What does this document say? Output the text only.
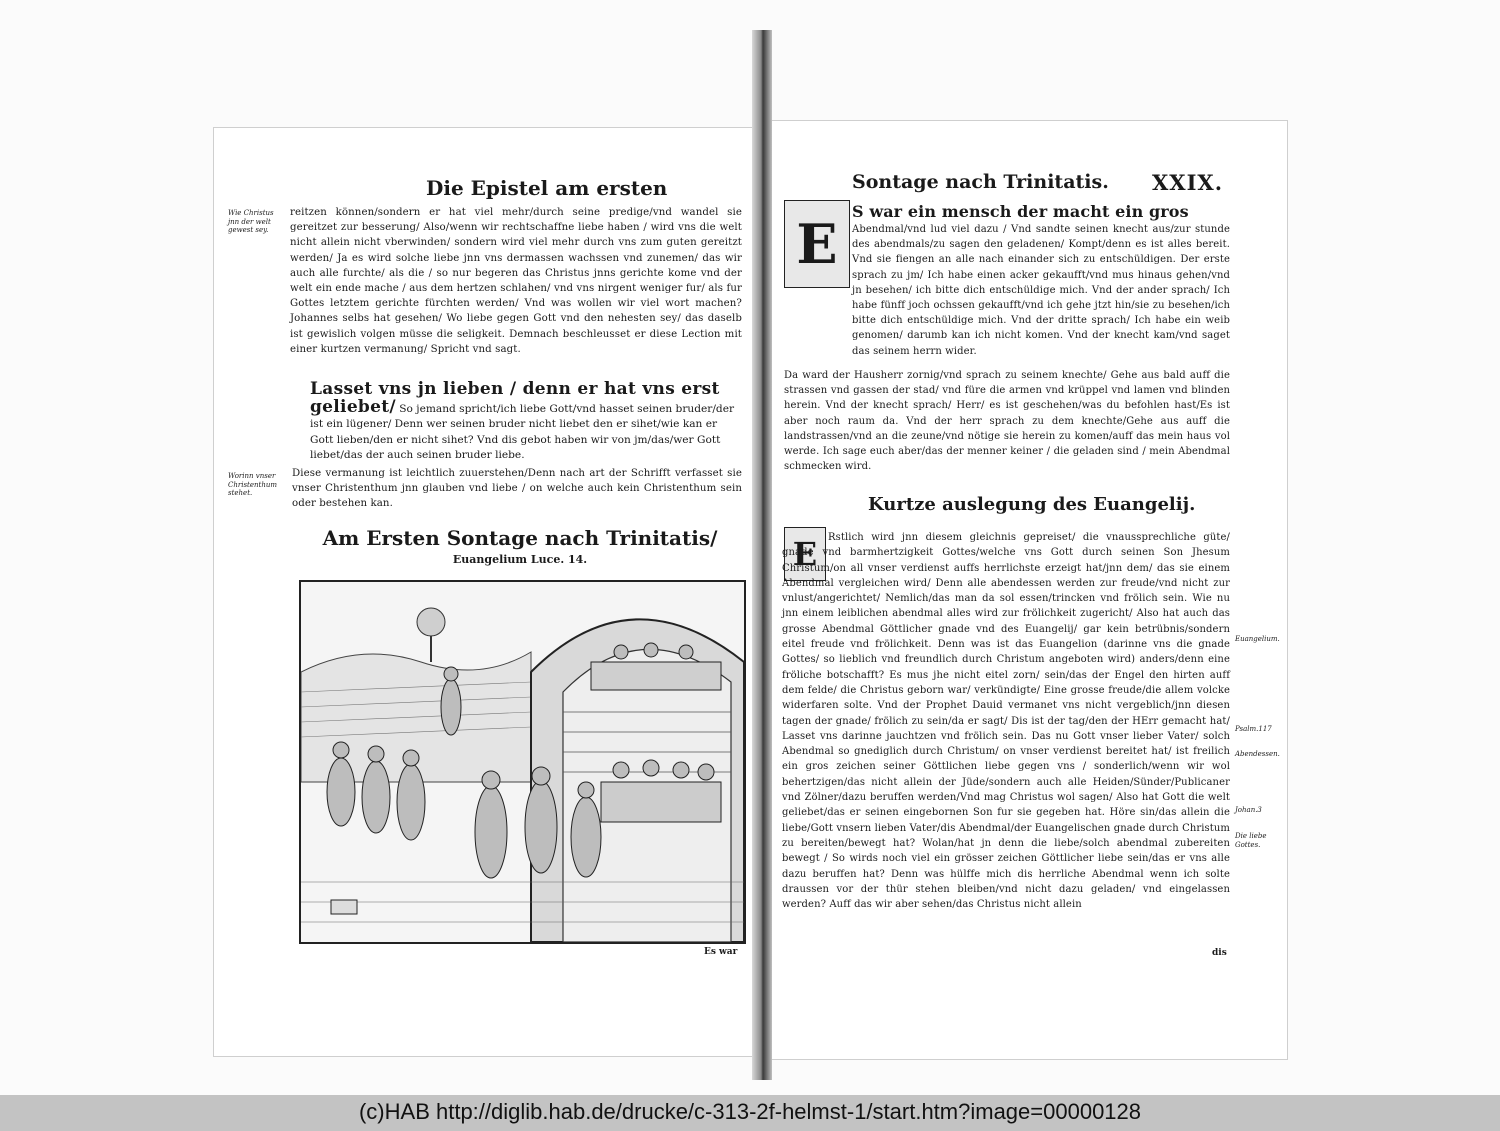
Die Epistel am ersten
Wie Christus jnn der welt gewest sey.
reitzen können/sondern er hat viel mehr/durch seine predige/vnd wandel sie gereitzet zur besserung/ Also/wenn wir rechtschaffne liebe haben / wird vns die welt nicht allein nicht vberwinden/ sondern wird viel mehr durch vns zum guten gereitzt werden/ Ja es wird solche liebe jnn vns dermassen wachssen vnd zunemen/ das wir auch alle furchte/ als die / so nur begeren das Christus jnns gerichte kome vnd der welt ein ende mache / aus dem hertzen schlahen/ vnd vns nirgent weniger fur/ als fur Gottes letztem gerichte fürchten werden/ Vnd was wollen wir viel wort machen? Johannes selbs hat gesehen/ Wo liebe gegen Gott vnd den nehesten sey/ das daselb ist gewislich volgen müsse die seligkeit. Demnach beschleusset er diese Lection mit einer kurtzen vermanung/ Spricht vnd sagt.
Lasset vns jn lieben / denn er hat vns erst geliebet/ So jemand spricht/ich liebe Gott/vnd hasset seinen bruder/der ist ein lügener/ Denn wer seinen bruder nicht liebet den er sihet/wie kan er Gott lieben/den er nicht sihet? Vnd dis gebot haben wir von jm/das/wer Gott liebet/das der auch seinen bruder liebe.
Worinn vnser Christenthum stehet.
Diese vermanung ist leichtlich zuuerstehen/Denn nach art der Schrifft verfasset sie vnser Christenthum jnn glauben vnd liebe / on welche auch kein Christenthum sein oder bestehen kan.
Am Ersten Sontage nach Trinitatis/
Euangelium Luce. 14.
Es war
Sontage nach Trinitatis. XXIX.
E
S war ein mensch der macht ein gros
Abendmal/vnd lud viel dazu / Vnd sandte seinen knecht aus/zur stunde des abendmals/zu sagen den geladenen/ Kompt/denn es ist alles bereit. Vnd sie fiengen an alle nach einander sich zu entschüldigen. Der erste sprach zu jm/ Ich habe einen acker gekaufft/vnd mus hinaus gehen/vnd jn besehen/ ich bitte dich entschüldige mich. Vnd der ander sprach/ Ich habe fünff joch ochssen gekaufft/vnd ich gehe jtzt hin/sie zu besehen/ich bitte dich entschüldige mich. Vnd der dritte sprach/ Ich habe ein weib genomen/ darumb kan ich nicht komen. Vnd der knecht kam/vnd saget das seinem herrn wider.
Da ward der Hausherr zornig/vnd sprach zu seinem knechte/ Gehe aus bald auff die strassen vnd gassen der stad/ vnd füre die armen vnd krüppel vnd lamen vnd blinden herein. Vnd der knecht sprach/ Herr/ es ist geschehen/was du befohlen hast/Es ist aber noch raum da. Vnd der herr sprach zu dem knechte/Gehe aus auff die landstrassen/vnd an die zeune/vnd nötige sie herein zu komen/auff das mein haus vol werde. Ich sage euch aber/das der menner keiner / die geladen sind / mein Abendmal schmecken wird.
Kurtze auslegung des Euangelij.
E	Rstlich wird jnn diesem gleichnis gepreiset/ die vnaussprechliche güte/ gnade vnd barmhertzigkeit Gottes/welche vns Gott durch seinen Son Jhesum Christum/on all vnser verdienst auffs herrlichste erzeigt hat/jnn dem/ das sie einem Abendmal vergleichen wird/ Denn alle abendessen werden zur freude/vnd nicht zur vnlust/angerichtet/ Nemlich/das man da sol essen/trincken vnd frölich sein. Wie nu jnn einem leiblichen abendmal alles wird zur frölichkeit zugericht/ Also hat auch das grosse Abendmal Göttlicher gnade vnd des Euangelij/ gar kein betrübnis/sondern eitel freude vnd frölichkeit. Denn was ist das Euangelion (darinne vns die gnade Gottes/ so lieblich vnd freundlich durch Christum angeboten wird) anders/denn eine fröliche botschafft? Es mus jhe nicht eitel zorn/ sein/das der Engel den hirten auff dem felde/ die Christus geborn war/ verkündigte/ Eine grosse freude/die allem volcke widerfaren solte. Vnd der Prophet Dauid vermanet vns nicht vergeblich/jnn diesen tagen der gnade/ frölich zu sein/da er sagt/ Dis ist der tag/den der HErr gemacht hat/ Lasset vns darinne jauchtzen vnd frölich sein. Das nu Gott vnser lieber Vater/ solch Abendmal so gnediglich durch Christum/ on vnser verdienst bereitet hat/ ist freilich ein gros zeichen seiner Göttlichen liebe gegen vns / sonderlich/wenn wir wol behertzigen/das nicht allein der Jüde/sondern auch alle Heiden/Sünder/Publicaner vnd Zölner/dazu beruffen werden/Vnd mag Christus wol sagen/ Also hat Gott die welt geliebet/das er seinen eingebornen Son fur sie gegeben hat. Höre sin/das allein die liebe/Gott vnsern lieben Vater/dis Abendmal/der Euangelischen gnade durch Christum zu bereiten/bewegt hat? Wolan/hat jn denn die liebe/solch abendmal zubereiten bewegt / So wirds noch viel ein grösser zeichen Göttlicher liebe sein/das er vns alle dazu beruffen hat? Denn was hülffe mich dis herrliche Abendmal wenn ich solte draussen vor der thür stehen bleiben/vnd nicht dazu geladen/ vnd eingelassen werden? Auff das wir aber sehen/das Christus nicht allein
Euangelium.
Psalm.117
Abendessen.
Johan.3
Die liebe Gottes.
dis
(c)HAB http://diglib.hab.de/drucke/c-313-2f-helmst-1/start.htm?image=00000128
